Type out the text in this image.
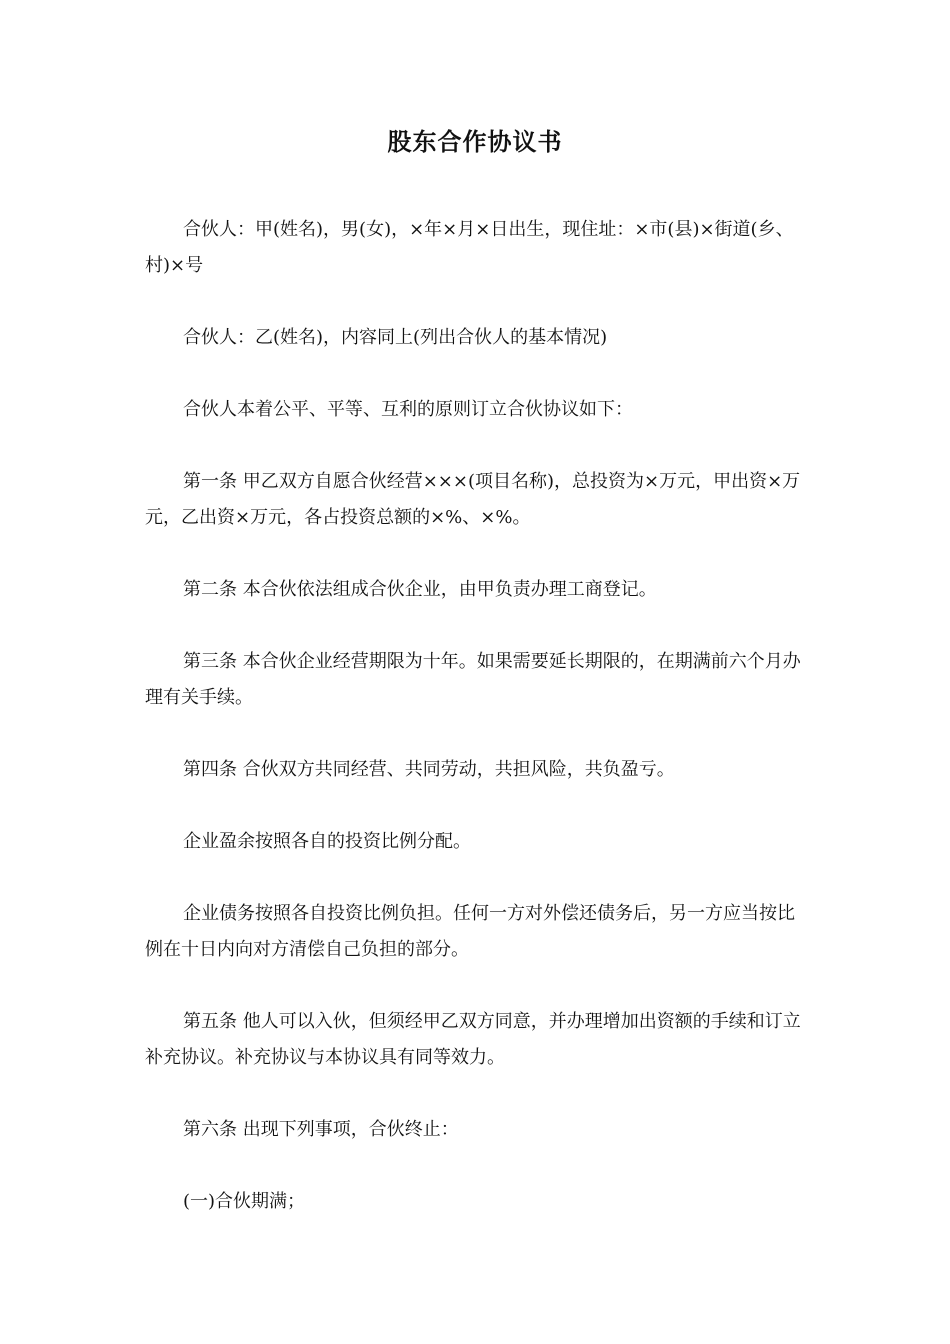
股东合作协议书

合伙人：甲(姓名)，男(女)，×年×月×日出生，现住址：×市(县)×街道(乡、村)×号

合伙人：乙(姓名)，内容同上(列出合伙人的基本情况)

合伙人本着公平、平等、互利的原则订立合伙协议如下：

第一条 甲乙双方自愿合伙经营×××(项目名称)，总投资为×万元，甲出资×万元，乙出资×万元，各占投资总额的×%、×%。

第二条 本合伙依法组成合伙企业，由甲负责办理工商登记。

第三条 本合伙企业经营期限为十年。如果需要延长期限的，在期满前六个月办理有关手续。

第四条 合伙双方共同经营、共同劳动，共担风险，共负盈亏。

企业盈余按照各自的投资比例分配。

企业债务按照各自投资比例负担。任何一方对外偿还债务后，另一方应当按比例在十日内向对方清偿自己负担的部分。

第五条 他人可以入伙，但须经甲乙双方同意，并办理增加出资额的手续和订立补充协议。补充协议与本协议具有同等效力。

第六条 出现下列事项，合伙终止：

(一)合伙期满；
